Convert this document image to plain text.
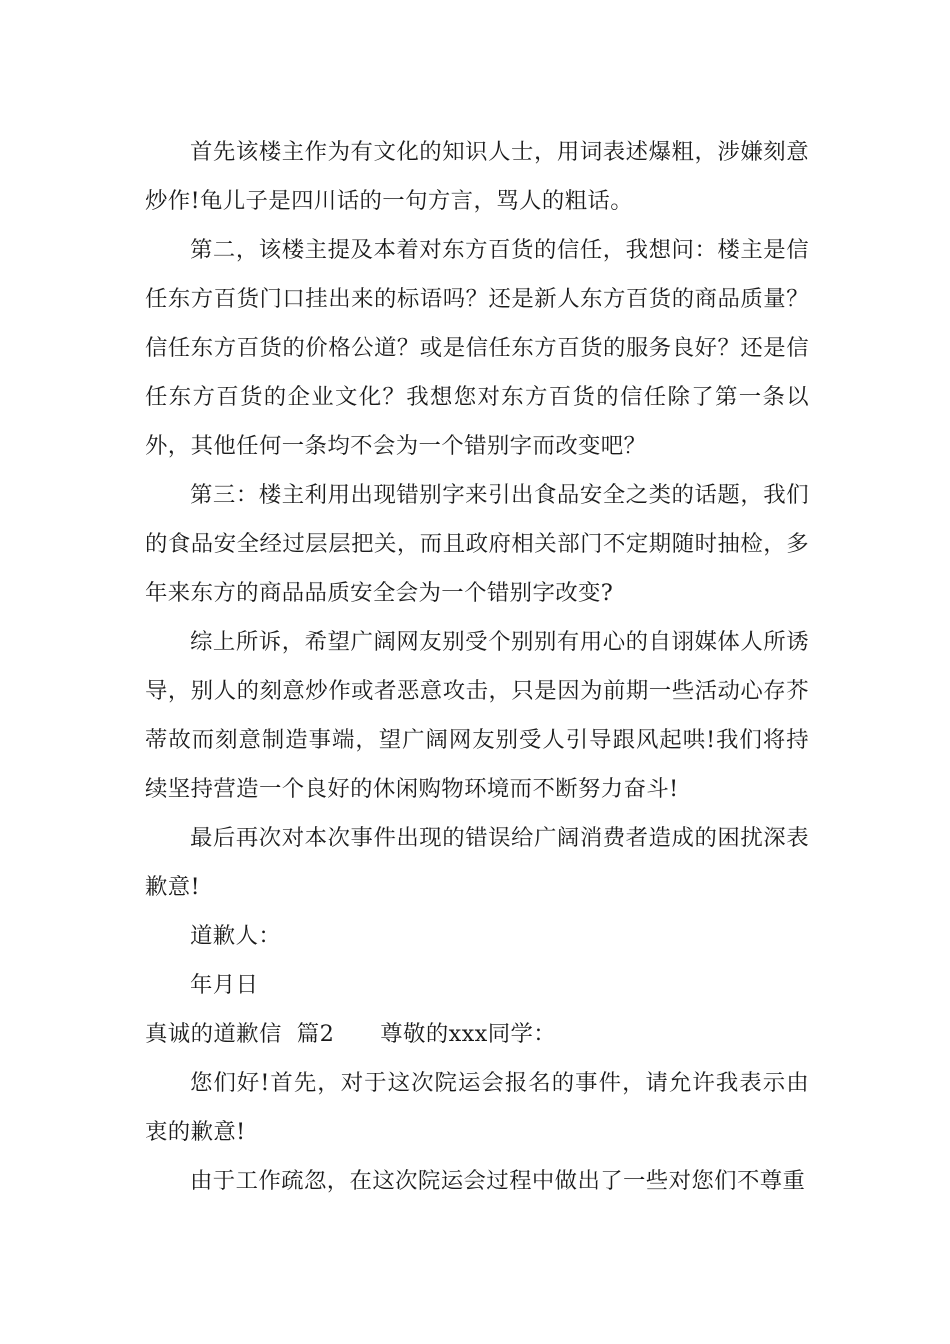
首先该楼主作为有文化的知识人士，用词表述爆粗，涉嫌刻意炒作!龟儿子是四川话的一句方言，骂人的粗话。

第二，该楼主提及本着对东方百货的信任，我想问：楼主是信任东方百货门口挂出来的标语吗？还是新人东方百货的商品质量？信任东方百货的价格公道？或是信任东方百货的服务良好？还是信任东方百货的企业文化？我想您对东方百货的信任除了第一条以外，其他任何一条均不会为一个错别字而改变吧？

第三：楼主利用出现错别字来引出食品安全之类的话题，我们的食品安全经过层层把关，而且政府相关部门不定期随时抽检，多年来东方的商品品质安全会为一个错别字改变?

综上所诉，希望广阔网友别受个别别有用心的自诩媒体人所诱导，别人的刻意炒作或者恶意攻击，只是因为前期一些活动心存芥蒂故而刻意制造事端，望广阔网友别受人引导跟风起哄!我们将持续坚持营造一个良好的休闲购物环境而不断努力奋斗!

最后再次对本次事件出现的错误给广阔消费者造成的困扰深表歉意!

道歉人：

年月日

真诚的道歉信 篇2 尊敬的xxx同学：

您们好!首先，对于这次院运会报名的事件，请允许我表示由衷的歉意!

由于工作疏忽，在这次院运会过程中做出了一些对您们不尊重
